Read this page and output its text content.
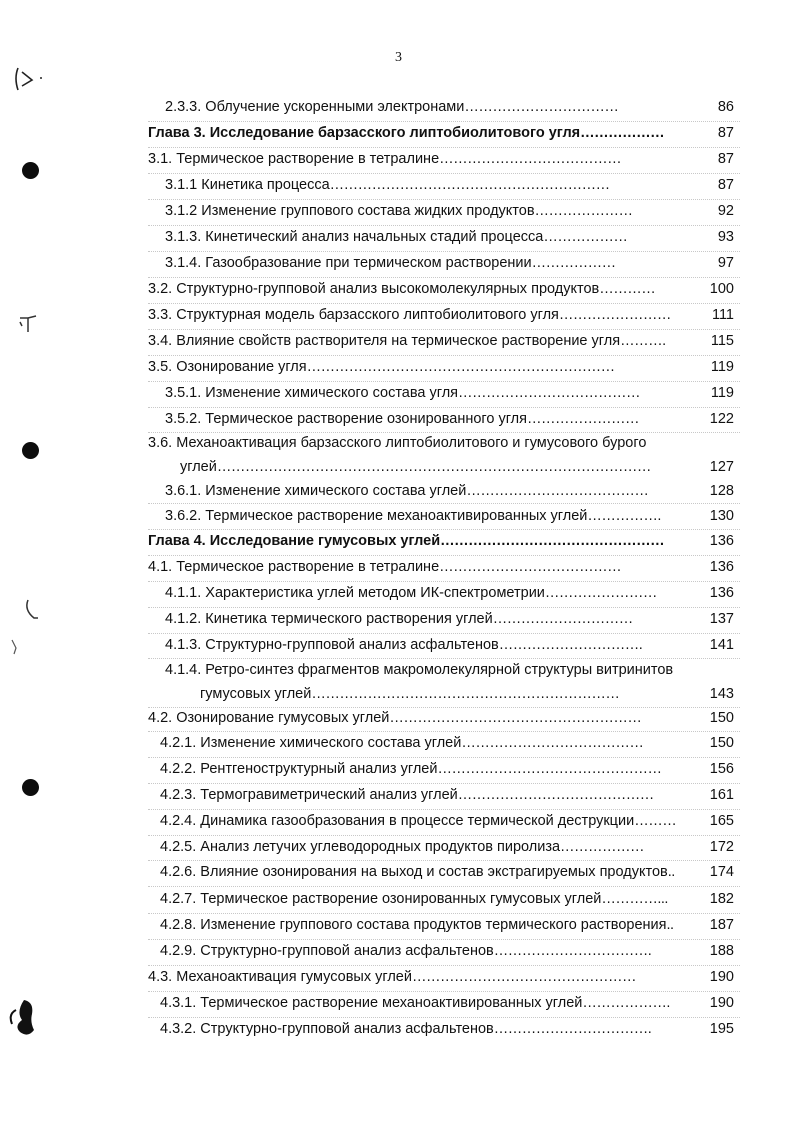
3
2.3.3. Облучение ускоренными электронами……………………………	86
Глава 3. Исследование барзасского липтобиолитового угля………………	87
3.1. Термическое растворение в тетралине…………………………………	87
3.1.1 Кинетика процесса……………………………………………………	87
3.1.2 Изменение группового состава жидких продуктов…………………	92
3.1.3. Кинетический анализ начальных стадий процесса………………	93
3.1.4. Газообразование при термическом растворении………………	97
3.2. Структурно-групповой анализ высокомолекулярных продуктов…………	100
3.3. Структурная модель барзасского липтобиолитового угля……………………	111
3.4. Влияние свойств растворителя на термическое растворение угля……….	115
3.5. Озонирование угля…………………………………………………………	119
3.5.1. Изменение химического состава угля…………………………………	119
3.5.2. Термическое растворение озонированного угля……………………	122
3.6. Механоактивация барзасского липтобиолитового и гумусового бурого
углей…………………………………………………………………………………	127
3.6.1. Изменение химического состава углей…………………………………	128
3.6.2. Термическое растворение механоактивированных углей…………….	130
Глава 4. Исследование гумусовых углей…………………………………………	136
4.1. Термическое растворение в тетралине…………………………………	136
4.1.1. Характеристика углей методом ИК-спектрометрии……………………	136
4.1.2. Кинетика термического растворения углей…………………………	137
4.1.3. Структурно-групповой анализ асфальтенов………………………….	141
4.1.4. Ретро-синтез фрагментов макромолекулярной структуры витринитов
гумусовых углей…………………………………………………………	143
4.2. Озонирование гумусовых углей………………………………………………	150
4.2.1. Изменение химического состава углей…………………………………	150
4.2.2. Рентгеноструктурный анализ углей…………………………………………	156
4.2.3. Термогравиметрический анализ углей……………………………………	161
4.2.4. Динамика газообразования в процессе термической деструкции………	165
4.2.5. Анализ летучих углеводородных продуктов пиролиза………………	172
4.2.6. Влияние озонирования на выход и состав экстрагируемых продуктов..	174
4.2.7. Термическое растворение озонированных гумусовых углей…………...	182
4.2.8. Изменение группового состава продуктов термического растворения..	187
4.2.9. Структурно-групповой анализ асфальтенов…………………………….	188
4.3. Механоактивация гумусовых углей…………………………………………	190
4.3.1. Термическое растворение механоактивированных углей……………….	190
4.3.2. Структурно-групповой анализ асфальтенов…………………………….	195
